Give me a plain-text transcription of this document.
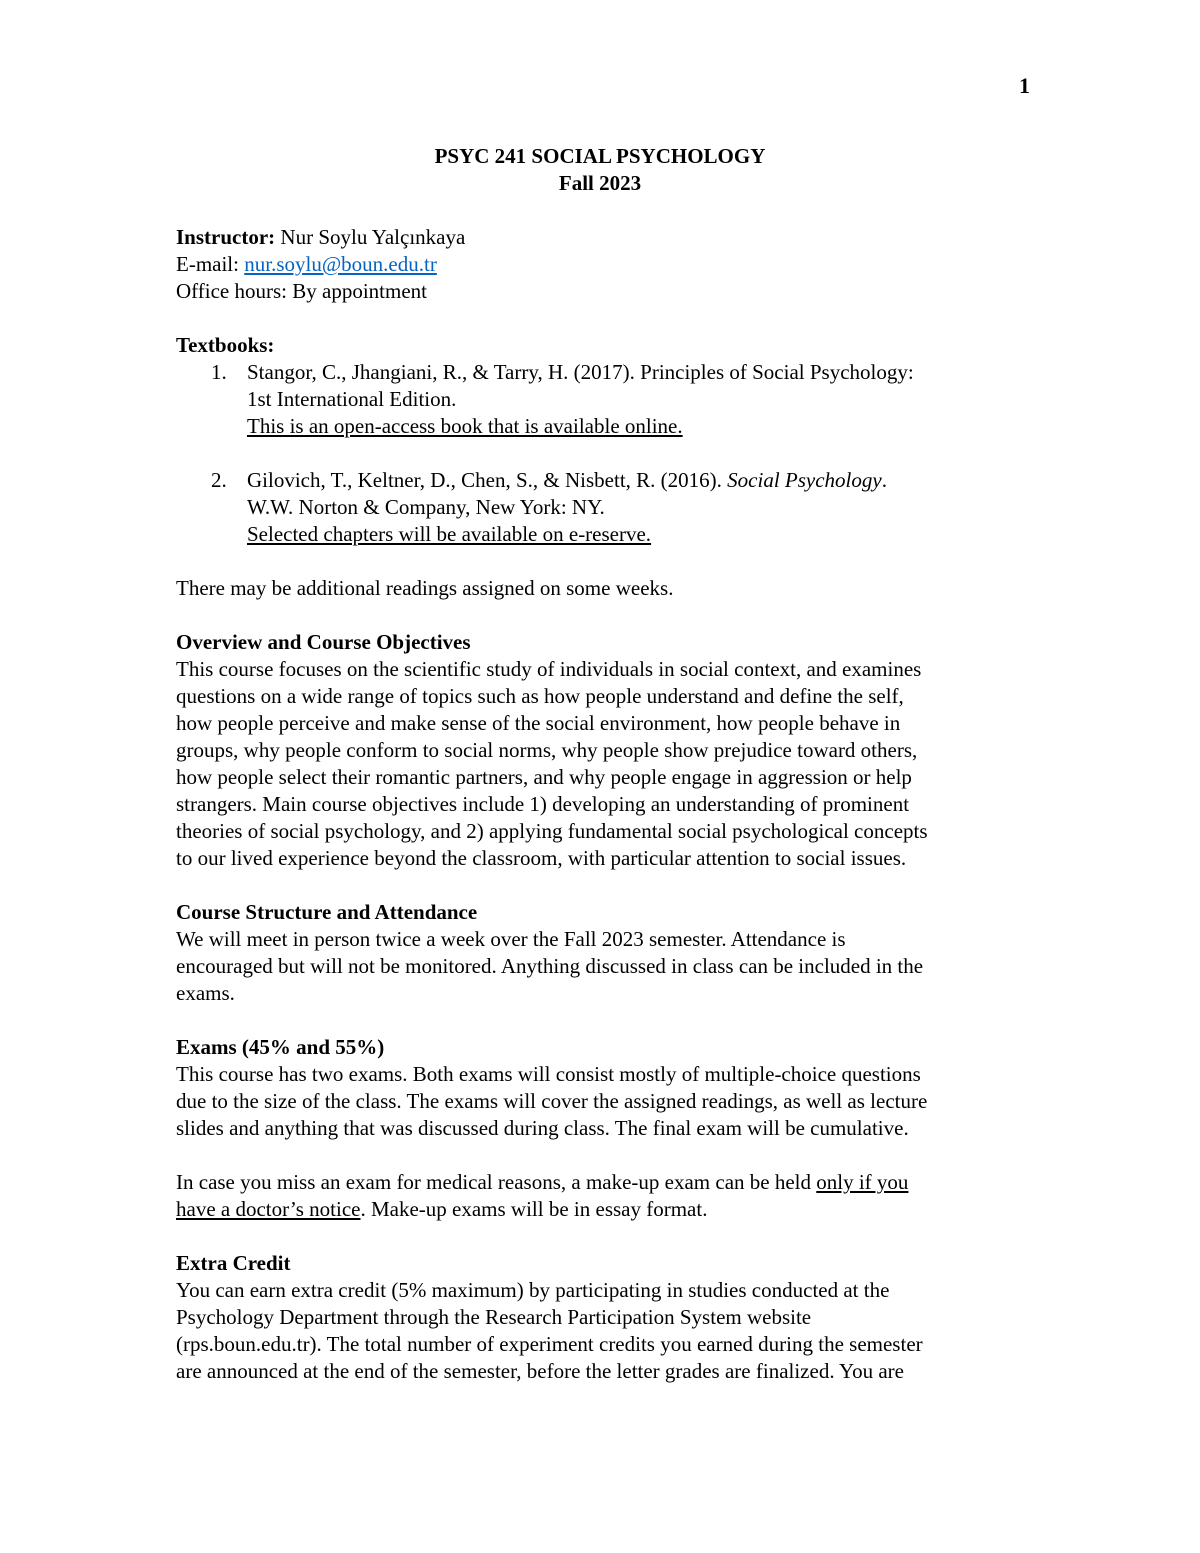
1
PSYC 241 SOCIAL PSYCHOLOGY
Fall 2023
Instructor: Nur Soylu Yalçınkaya
E-mail: nur.soylu@boun.edu.tr
Office hours: By appointment
Textbooks:
1. Stangor, C., Jhangiani, R., & Tarry, H. (2017). Principles of Social Psychology:
1st International Edition.
This is an open-access book that is available online.
2. Gilovich, T., Keltner, D., Chen, S., & Nisbett, R. (2016). Social Psychology.
W.W. Norton & Company, New York: NY.
Selected chapters will be available on e-reserve.
There may be additional readings assigned on some weeks.
Overview and Course Objectives
This course focuses on the scientific study of individuals in social context, and examines
questions on a wide range of topics such as how people understand and define the self,
how people perceive and make sense of the social environment, how people behave in
groups, why people conform to social norms, why people show prejudice toward others,
how people select their romantic partners, and why people engage in aggression or help
strangers. Main course objectives include 1) developing an understanding of prominent
theories of social psychology, and 2) applying fundamental social psychological concepts
to our lived experience beyond the classroom, with particular attention to social issues.
Course Structure and Attendance
We will meet in person twice a week over the Fall 2023 semester. Attendance is
encouraged but will not be monitored. Anything discussed in class can be included in the
exams.
Exams (45% and 55%)
This course has two exams. Both exams will consist mostly of multiple-choice questions
due to the size of the class. The exams will cover the assigned readings, as well as lecture
slides and anything that was discussed during class. The final exam will be cumulative.
In case you miss an exam for medical reasons, a make-up exam can be held only if you
have a doctor’s notice. Make-up exams will be in essay format.
Extra Credit
You can earn extra credit (5% maximum) by participating in studies conducted at the
Psychology Department through the Research Participation System website
(rps.boun.edu.tr). The total number of experiment credits you earned during the semester
are announced at the end of the semester, before the letter grades are finalized. You are
